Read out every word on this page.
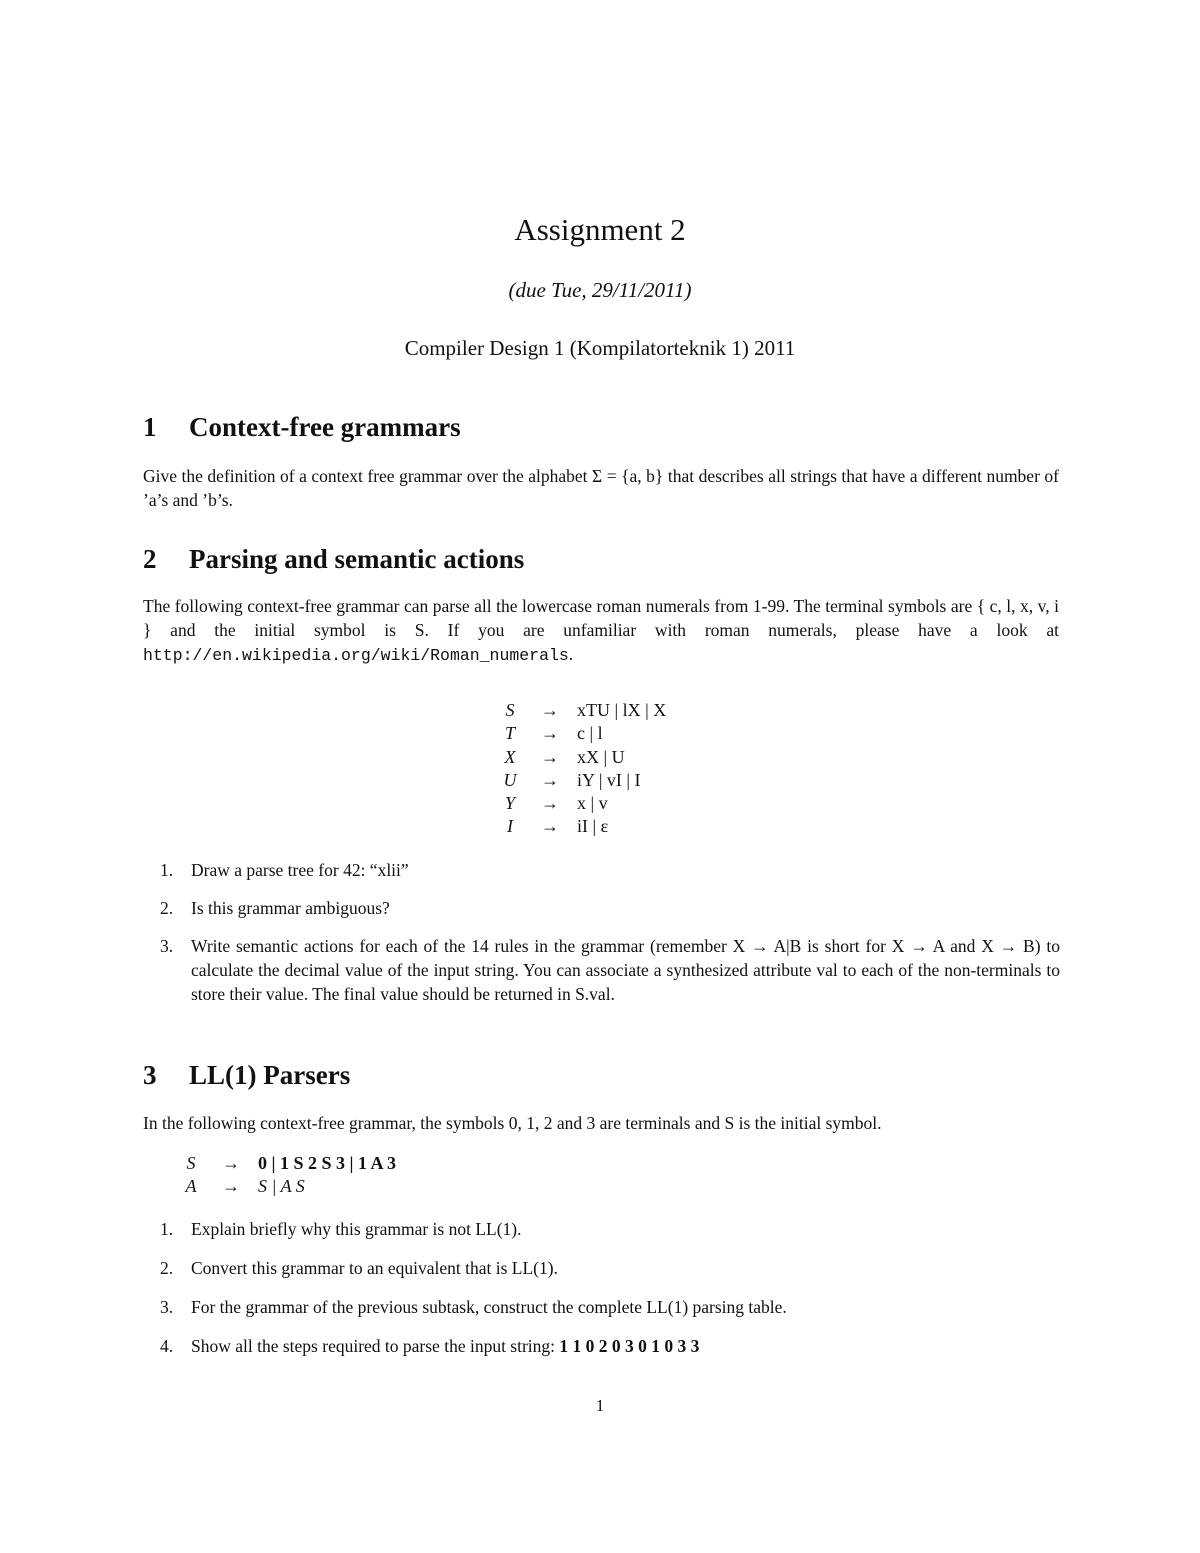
Assignment 2
(due Tue, 29/11/2011)
Compiler Design 1 (Kompilatorteknik 1) 2011
1 Context-free grammars
Give the definition of a context free grammar over the alphabet Σ = {a, b} that describes all strings that have a different number of ’a’s and ’b’s.
2 Parsing and semantic actions
The following context-free grammar can parse all the lowercase roman numerals from 1-99. The terminal symbols are { c, l, x, v, i } and the initial symbol is S. If you are unfamiliar with roman numerals, please have a look at http://en.wikipedia.org/wiki/Roman_numerals.
S	→	xTU | lX | X
T	→	c | l
X	→	xX | U
U	→	iY | vI | I
Y	→	x | v
I	→	iI | ε
1.	Draw a parse tree for 42: “xlii”
2.	Is this grammar ambiguous?
3.	Write semantic actions for each of the 14 rules in the grammar (remember X → A|B is short for X → A and X → B) to calculate the decimal value of the input string. You can associate a synthesized attribute val to each of the non-terminals to store their value. The final value should be returned in S.val.
3 LL(1) Parsers
In the following context-free grammar, the symbols 0, 1, 2 and 3 are terminals and S is the initial symbol.
S	→	0 | 1 S 2 S 3 | 1 A 3
A	→	S | A S
1.	Explain briefly why this grammar is not LL(1).
2.	Convert this grammar to an equivalent that is LL(1).
3.	For the grammar of the previous subtask, construct the complete LL(1) parsing table.
4.	Show all the steps required to parse the input string: 1 1 0 2 0 3 0 1 0 3 3
1
